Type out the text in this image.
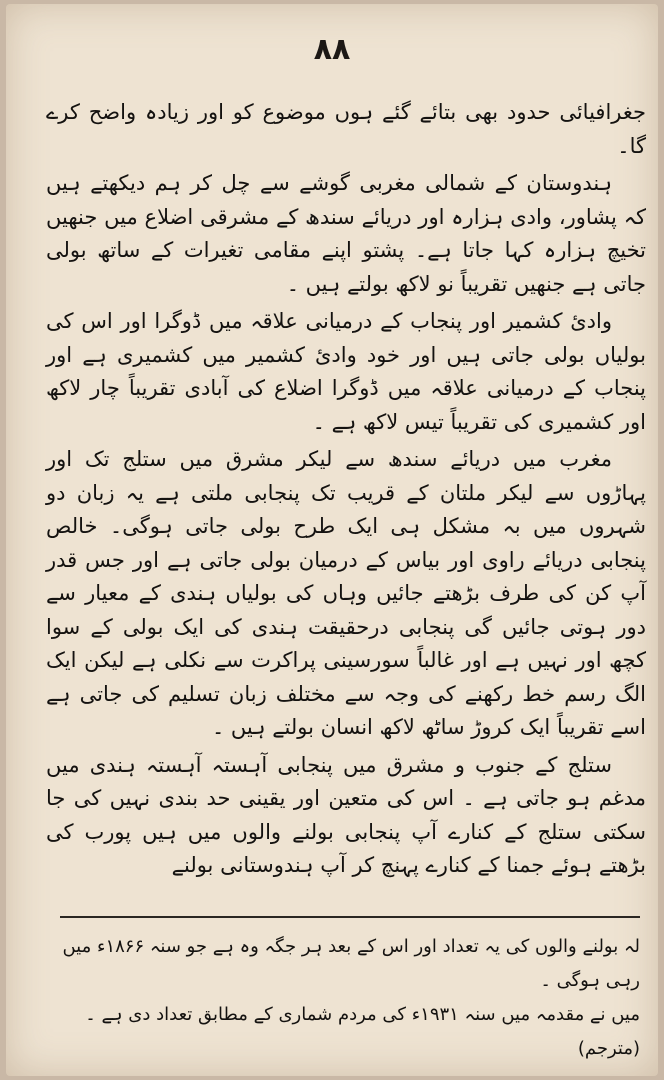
۸۸

جغرافیائی حدود بھی بتائے گئے ہوں موضوع کو اور زیادہ واضح کرے گا۔

ہندوستان کے شمالی مغربی گوشے سے چل کر ہم دیکھتے ہیں کہ پشاور، وادی ہزارہ اور دریائے سندھ کے مشرقی اضلاع میں جنھیں تخیچ ہزارہ کہا جاتا ہے۔ پشتو اپنے مقامی تغیرات کے ساتھ بولی جاتی ہے جنھیں تقریباً نو لاکھ بولتے ہیں ۔

وادئ کشمیر اور پنجاب کے درمیانی علاقہ میں ڈوگرا اور اس کی بولیاں بولی جاتی ہیں اور خود وادئ کشمیر میں کشمیری ہے اور پنجاب کے درمیانی علاقہ میں ڈوگرا اضلاع کی آبادی تقریباً چار لاکھ اور کشمیری کی تقریباً تیس لاکھ ہے ۔

مغرب میں دریائے سندھ سے لیکر مشرق میں ستلج تک اور پہاڑوں سے لیکر ملتان کے قریب تک پنجابی ملتی ہے یہ زبان دو شہروں میں بہ مشکل ہی ایک طرح بولی جاتی ہوگی۔ خالص پنجابی دریائے راوی اور بیاس کے درمیان بولی جاتی ہے اور جس قدر آپ کن کی طرف بڑھتے جائیں وہاں کی بولیاں ہندی کے معیار سے دور ہوتی جائیں گی پنجابی درحقیقت ہندی کی ایک بولی کے سوا کچھ اور نہیں ہے اور غالباً سورسینی پراکرت سے نکلی ہے لیکن ایک الگ رسم خط رکھنے کی وجہ سے مختلف زبان تسلیم کی جاتی ہے اسے تقریباً ایک کروڑ ساٹھ لاکھ انسان بولتے ہیں ۔

ستلج کے جنوب و مشرق میں پنجابی آہستہ آہستہ ہندی میں مدغم ہو جاتی ہے ۔ اس کی متعین اور یقینی حد بندی نہیں کی جا سکتی ستلج کے کنارے آپ پنجابی بولنے والوں میں ہیں پورب کی بڑھتے ہوئے جمنا کے کنارے پہنچ کر آپ ہندوستانی بولنے

لہ بولنے والوں کی یہ تعداد اور اس کے بعد ہر جگہ وہ ہے جو سنہ ۱۸۶۶ء میں رہی ہوگی ۔

میں نے مقدمہ میں سنہ ۱۹۳۱ء کی مردم شماری کے مطابق تعداد دی ہے ۔ (مترجم)
